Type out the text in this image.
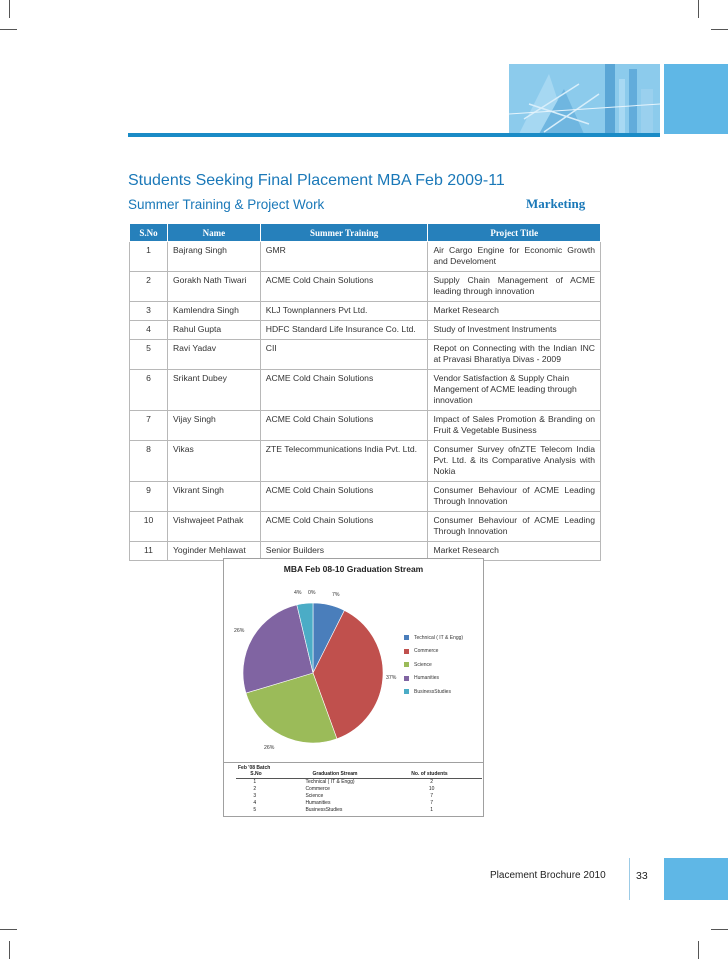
Students Seeking Final Placement MBA Feb 2009-11
Summer Training & Project Work	Marketing
S.No	Name	Summer Training	Project Title
1	Bajrang Singh	GMR	Air Cargo Engine for Economic Growth and Develoment
2	Gorakh Nath Tiwari	ACME Cold Chain Solutions	Supply Chain Management of ACME leading through innovation
3	Kamlendra Singh	KLJ Townplanners Pvt Ltd.	Market Research
4	Rahul Gupta	HDFC Standard Life Insurance Co. Ltd.	Study of Investment Instruments
5	Ravi Yadav	CII	Repot on Connecting with the Indian INC at Pravasi Bharatiya Divas - 2009
6	Srikant Dubey	ACME Cold Chain Solutions	Vendor Satisfaction & Supply Chain Mangement of ACME leading through innovation
7	Vijay Singh	ACME Cold Chain Solutions	Impact of Sales Promotion & Branding on Fruit & Vegetable Business
8	Vikas	ZTE Telecommunications India Pvt. Ltd.	Consumer Survey ofnZTE Telecom India Pvt. Ltd. & its Comparative Analysis with Nokia
9	Vikrant Singh	ACME Cold Chain Solutions	Consumer Behaviour of ACME Leading Through Innovation
10	Vishwajeet Pathak	ACME Cold Chain Solutions	Consumer Behaviour of ACME Leading Through Innovation
11	Yoginder Mehlawat	Senior Builders	Market Research
MBA Feb 08-10 Graduation Stream
7%
37%
26%
26%
4% 0%
Technical ( IT & Engg)
Commerce
Science
Humanities
BusinessStudies
Feb '08 Batch
S.No	Graduation Stream	No. of students
1	Technical ( IT & Engg)	2
2	Commerce	10
3	Science	7
4	Humanities	7
5	BusinessStudies	1
Placement Brochure 2010	33
